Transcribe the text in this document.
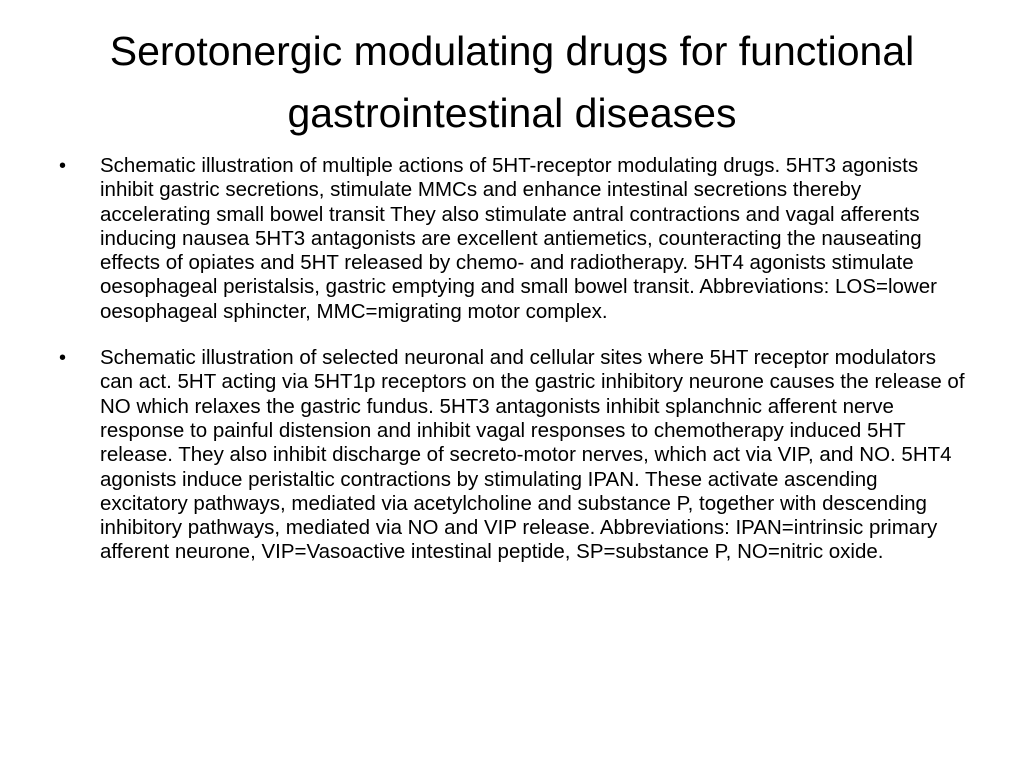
Serotonergic modulating drugs for functional gastrointestinal diseases
• Schematic illustration of multiple actions of 5HT-receptor modulating drugs. 5HT3 agonists inhibit gastric secretions, stimulate MMCs and enhance intestinal secretions thereby accelerating small bowel transit They also stimulate antral contractions and vagal afferents inducing nausea 5HT3 antagonists are excellent antiemetics, counteracting the nauseating effects of opiates and 5HT released by chemo- and radiotherapy. 5HT4 agonists stimulate oesophageal peristalsis, gastric emptying and small bowel transit. Abbreviations: LOS=lower oesophageal sphincter, MMC=migrating motor complex.
• Schematic illustration of selected neuronal and cellular sites where 5HT receptor modulators can act. 5HT acting via 5HT1p receptors on the gastric inhibitory neurone causes the release of NO which relaxes the gastric fundus. 5HT3 antagonists inhibit splanchnic afferent nerve response to painful distension and inhibit vagal responses to chemotherapy induced 5HT release. They also inhibit discharge of secreto-motor nerves, which act via VIP, and NO. 5HT4 agonists induce peristaltic contractions by stimulating IPAN. These activate ascending excitatory pathways, mediated via acetylcholine and substance P, together with descending inhibitory pathways, mediated via NO and VIP release. Abbreviations: IPAN=intrinsic primary afferent neurone, VIP=Vasoactive intestinal peptide, SP=substance P, NO=nitric oxide.
